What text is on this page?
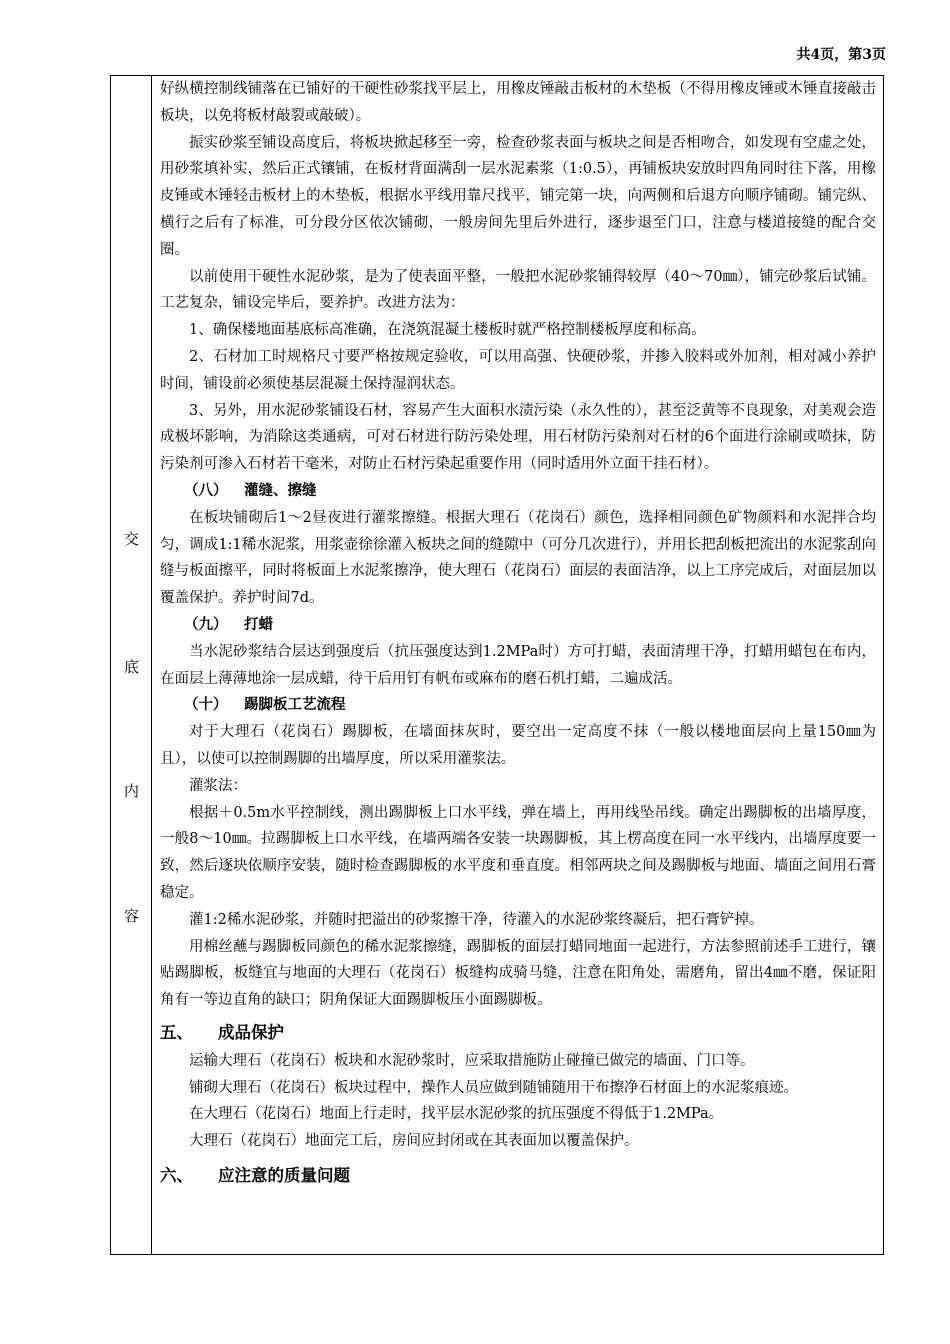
共4页，第3页
交
底
内
容

好纵横控制线铺落在已铺好的干硬性砂浆找平层上，用橡皮锤敲击板材的木垫板（不得用橡皮锤或木锤直接敲击板块，以免将板材敲裂或敲破）。

振实砂浆至铺设高度后，将板块掀起移至一旁，检查砂浆表面与板块之间是否相吻合，如发现有空虚之处，用砂浆填补实，然后正式镶铺，在板材背面满刮一层水泥素浆（1:0.5），再铺板块安放时四角同时往下落，用橡皮锤或木锤轻击板材上的木垫板，根据水平线用靠尺找平，铺完第一块，向两侧和后退方向顺序铺砌。铺完纵、横行之后有了标准，可分段分区依次铺砌，一般房间先里后外进行，逐步退至门口，注意与楼道接缝的配合交圈。

以前使用干硬性水泥砂浆，是为了使表面平整，一般把水泥砂浆铺得较厚（40～70㎜），铺完砂浆后试铺。工艺复杂，铺设完毕后，要养护。改进方法为：

1、确保楼地面基底标高准确，在浇筑混凝土楼板时就严格控制楼板厚度和标高。

2、石材加工时规格尺寸要严格按规定验收，可以用高强、快硬砂浆，并掺入胶料或外加剂，相对减小养护时间，铺设前必须使基层混凝土保持湿润状态。

3、另外，用水泥砂浆铺设石材，容易产生大面积水渍污染（永久性的），甚至泛黄等不良现象，对美观会造成极坏影响，为消除这类通病，可对石材进行防污染处理，用石材防污染剂对石材的6个面进行涂刷或喷抹，防污染剂可渗入石材若干毫米，对防止石材污染起重要作用（同时适用外立面干挂石材）。

（八） 灌缝、擦缝

在板块铺砌后1～2昼夜进行灌浆擦缝。根据大理石（花岗石）颜色，选择相同颜色矿物颜料和水泥拌合均匀，调成1:1稀水泥浆，用浆壶徐徐灌入板块之间的缝隙中（可分几次进行），并用长把刮板把流出的水泥浆刮向缝与板面擦平，同时将板面上水泥浆擦净，使大理石（花岗石）面层的表面洁净，以上工序完成后，对面层加以覆盖保护。养护时间7d。

（九） 打蜡

当水泥砂浆结合层达到强度后（抗压强度达到1.2MPa时）方可打蜡，表面清理干净，打蜡用蜡包在布内，在面层上薄薄地涂一层成蜡，待干后用钉有帆布或麻布的磨石机打蜡，二遍成活。

（十） 踢脚板工艺流程

对于大理石（花岗石）踢脚板，在墙面抹灰时，要空出一定高度不抹（一般以楼地面层向上量150㎜为且），以使可以控制踢脚的出墙厚度，所以采用灌浆法。

灌浆法：

根据＋0.5m水平控制线，测出踢脚板上口水平线，弹在墙上，再用线坠吊线。确定出踢脚板的出墙厚度，一般8～10㎜。拉踢脚板上口水平线，在墙两端各安装一块踢脚板，其上楞高度在同一水平线内，出墙厚度要一致，然后逐块依顺序安装，随时检查踢脚板的水平度和垂直度。相邻两块之间及踢脚板与地面、墙面之间用石膏稳定。

灌1:2稀水泥砂浆，并随时把溢出的砂浆擦干净，待灌入的水泥砂浆终凝后，把石膏铲掉。

用棉丝蘸与踢脚板同颜色的稀水泥浆擦缝，踢脚板的面层打蜡同地面一起进行，方法参照前述手工进行，镶贴踢脚板，板缝宜与地面的大理石（花岗石）板缝构成骑马缝，注意在阳角处，需磨角，留出4㎜不磨，保证阳角有一等边直角的缺口；阴角保证大面踢脚板压小面踢脚板。

五、 成品保护

运输大理石（花岗石）板块和水泥砂浆时，应采取措施防止碰撞已做完的墙面、门口等。

铺砌大理石（花岗石）板块过程中，操作人员应做到随铺随用干布擦净石材面上的水泥浆痕迹。

在大理石（花岗石）地面上行走时，找平层水泥砂浆的抗压强度不得低于1.2MPa。

大理石（花岗石）地面完工后，房间应封闭或在其表面加以覆盖保护。

六、 应注意的质量问题
